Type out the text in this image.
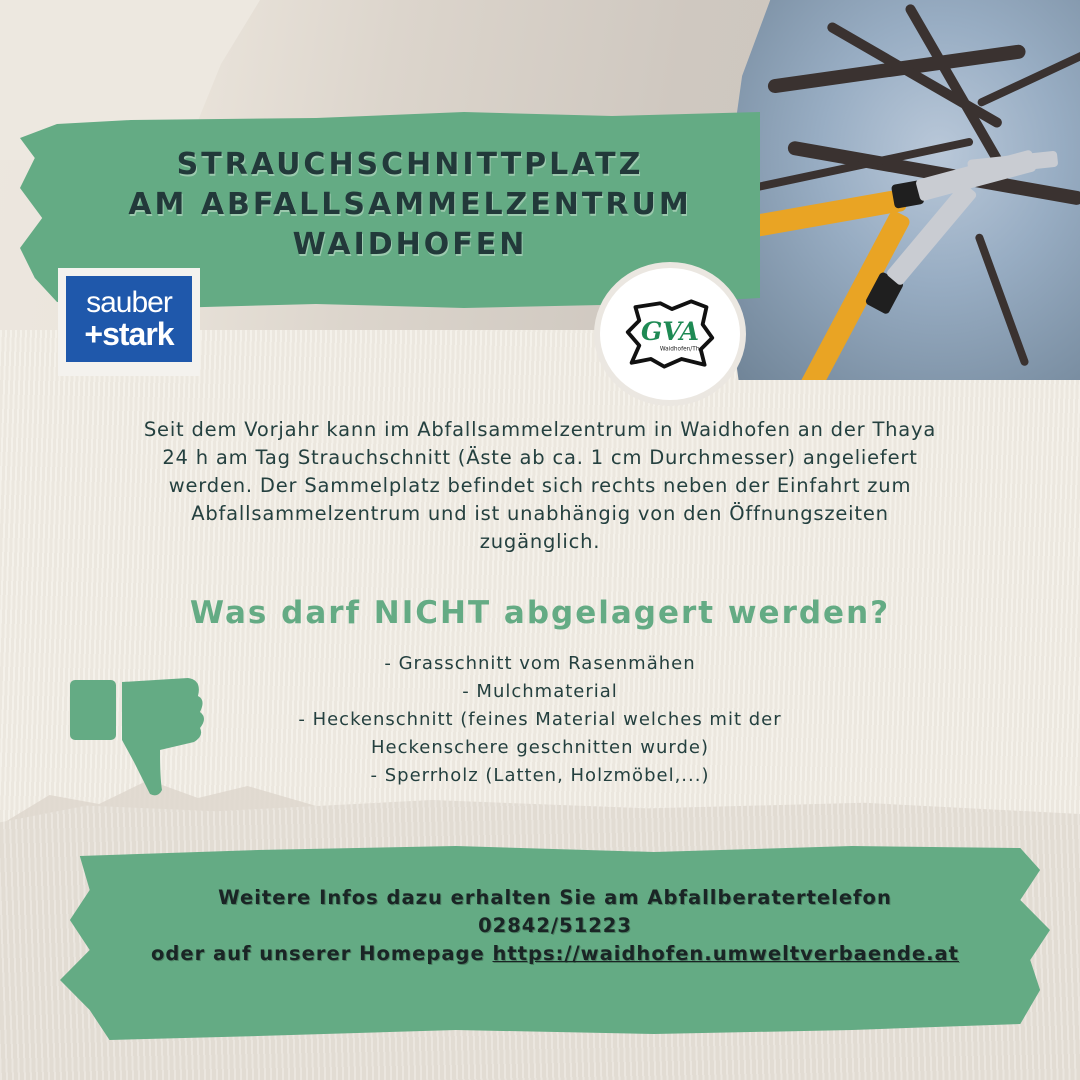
STRAUCHSCHNITTPLATZ
AM ABFALLSAMMELZENTRUM
WAIDHOFEN
sauber
+stark	GVA
Waidhofen/Th
Seit dem Vorjahr kann im Abfallsammelzentrum in Waidhofen an der Thaya
24 h am Tag Strauchschnitt (Äste ab ca. 1 cm Durchmesser) angeliefert
werden. Der Sammelplatz befindet sich rechts neben der Einfahrt zum
Abfallsammelzentrum und ist unabhängig von den Öffnungszeiten
zugänglich.
Was darf NICHT abgelagert werden?
- Grasschnitt vom Rasenmähen
- Mulchmaterial
- Heckenschnitt (feines Material welches mit der
Heckenschere geschnitten wurde)
- Sperrholz (Latten, Holzmöbel,...)
Weitere Infos dazu erhalten Sie am Abfallberatertelefon
02842/51223
oder auf unserer Homepage https://waidhofen.umweltverbaende.at
